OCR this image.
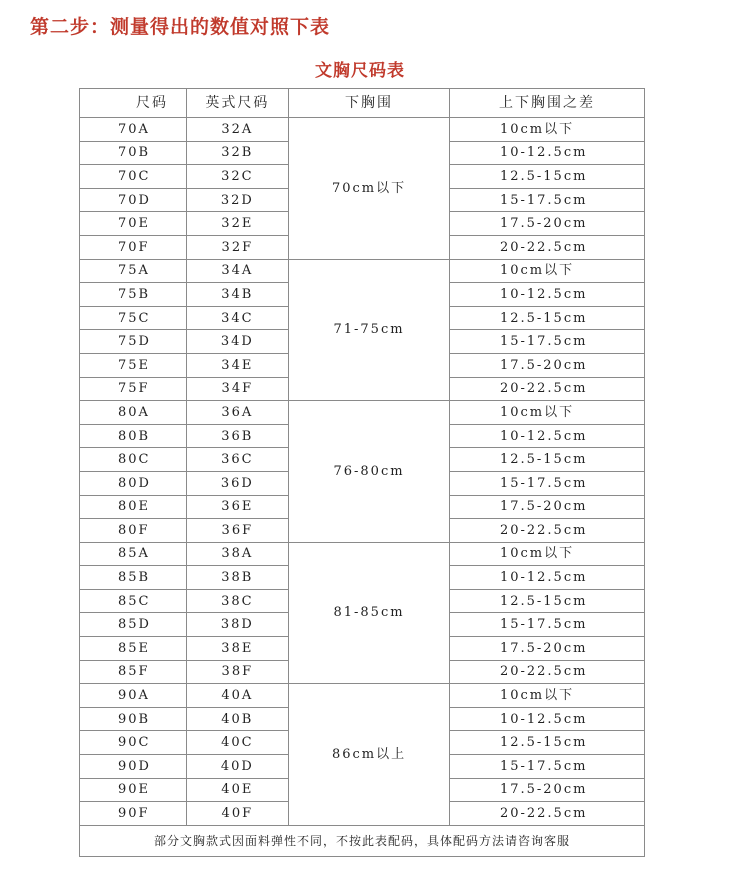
第二步：测量得出的数值对照下表
文胸尺码表
尺码	英式尺码	下胸围	上下胸围之差
70A	32A	70cm以下	10cm以下
70B	32B		10-12.5cm
70C	32C		12.5-15cm
70D	32D		15-17.5cm
70E	32E		17.5-20cm
70F	32F		20-22.5cm
75A	34A	71-75cm	10cm以下
75B	34B		10-12.5cm
75C	34C		12.5-15cm
75D	34D		15-17.5cm
75E	34E		17.5-20cm
75F	34F		20-22.5cm
80A	36A	76-80cm	10cm以下
80B	36B		10-12.5cm
80C	36C		12.5-15cm
80D	36D		15-17.5cm
80E	36E		17.5-20cm
80F	36F		20-22.5cm
85A	38A	81-85cm	10cm以下
85B	38B		10-12.5cm
85C	38C		12.5-15cm
85D	38D		15-17.5cm
85E	38E		17.5-20cm
85F	38F		20-22.5cm
90A	40A	86cm以上	10cm以下
90B	40B		10-12.5cm
90C	40C		12.5-15cm
90D	40D		15-17.5cm
90E	40E		17.5-20cm
90F	40F		20-22.5cm
部分文胸款式因面料弹性不同，不按此表配码，具体配码方法请咨询客服			
